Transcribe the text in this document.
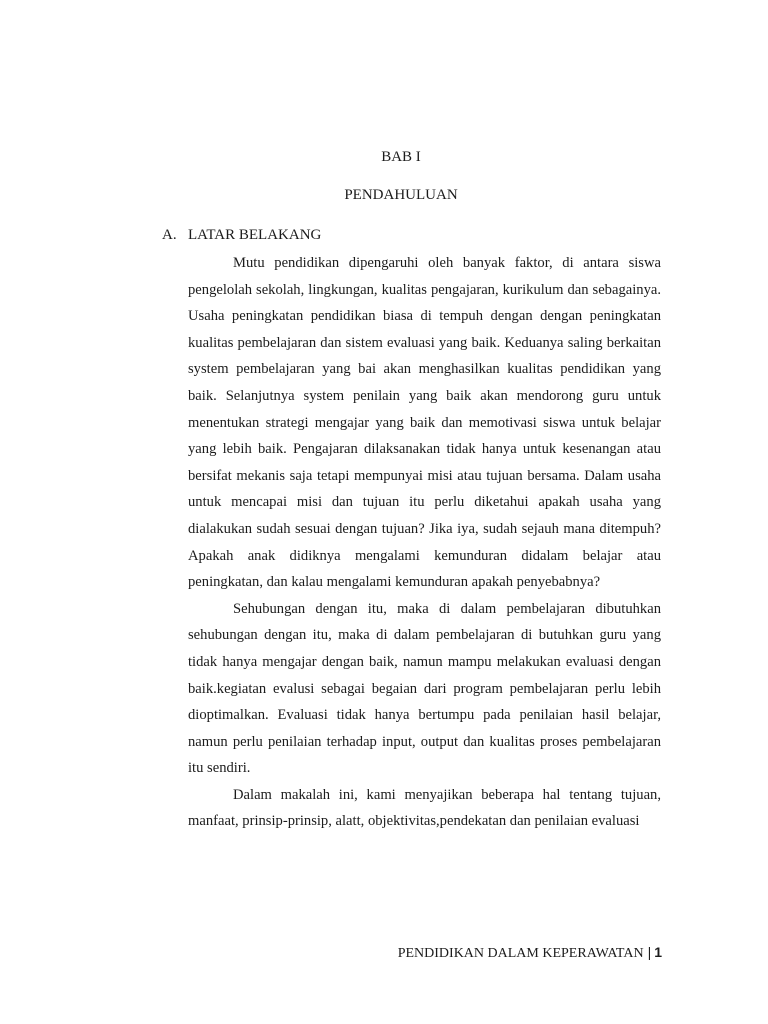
BAB I
PENDAHULUAN
A. LATAR BELAKANG

Mutu pendidikan dipengaruhi oleh banyak faktor, di antara siswa pengelolah sekolah, lingkungan, kualitas pengajaran, kurikulum dan sebagainya. Usaha peningkatan pendidikan biasa di tempuh dengan dengan peningkatan kualitas pembelajaran dan sistem evaluasi yang baik. Keduanya saling berkaitan system pembelajaran yang bai akan menghasilkan kualitas pendidikan yang baik. Selanjutnya system penilain yang baik akan mendorong guru untuk menentukan strategi mengajar yang baik dan memotivasi siswa untuk belajar yang lebih baik. Pengajaran dilaksanakan tidak hanya untuk kesenangan atau bersifat mekanis saja tetapi mempunyai misi atau tujuan bersama. Dalam usaha untuk mencapai misi dan tujuan itu perlu diketahui apakah usaha yang dialakukan sudah sesuai dengan tujuan? Jika iya, sudah sejauh mana ditempuh? Apakah anak didiknya mengalami kemunduran didalam belajar atau peningkatan, dan kalau mengalami kemunduran apakah penyebabnya?

Sehubungan dengan itu, maka di dalam pembelajaran dibutuhkan sehubungan dengan itu, maka di dalam pembelajaran di butuhkan guru yang tidak hanya mengajar dengan baik, namun mampu melakukan evaluasi dengan baik.kegiatan evalusi sebagai begaian dari program pembelajaran perlu lebih dioptimalkan. Evaluasi tidak hanya bertumpu pada penilaian hasil belajar, namun perlu penilaian terhadap input, output dan kualitas proses pembelajaran itu sendiri.

Dalam makalah ini, kami menyajikan beberapa hal tentang tujuan, manfaat, prinsip-prinsip, alatt, objektivitas,pendekatan dan penilaian evaluasi

PENDIDIKAN DALAM KEPERAWATAN | 1
